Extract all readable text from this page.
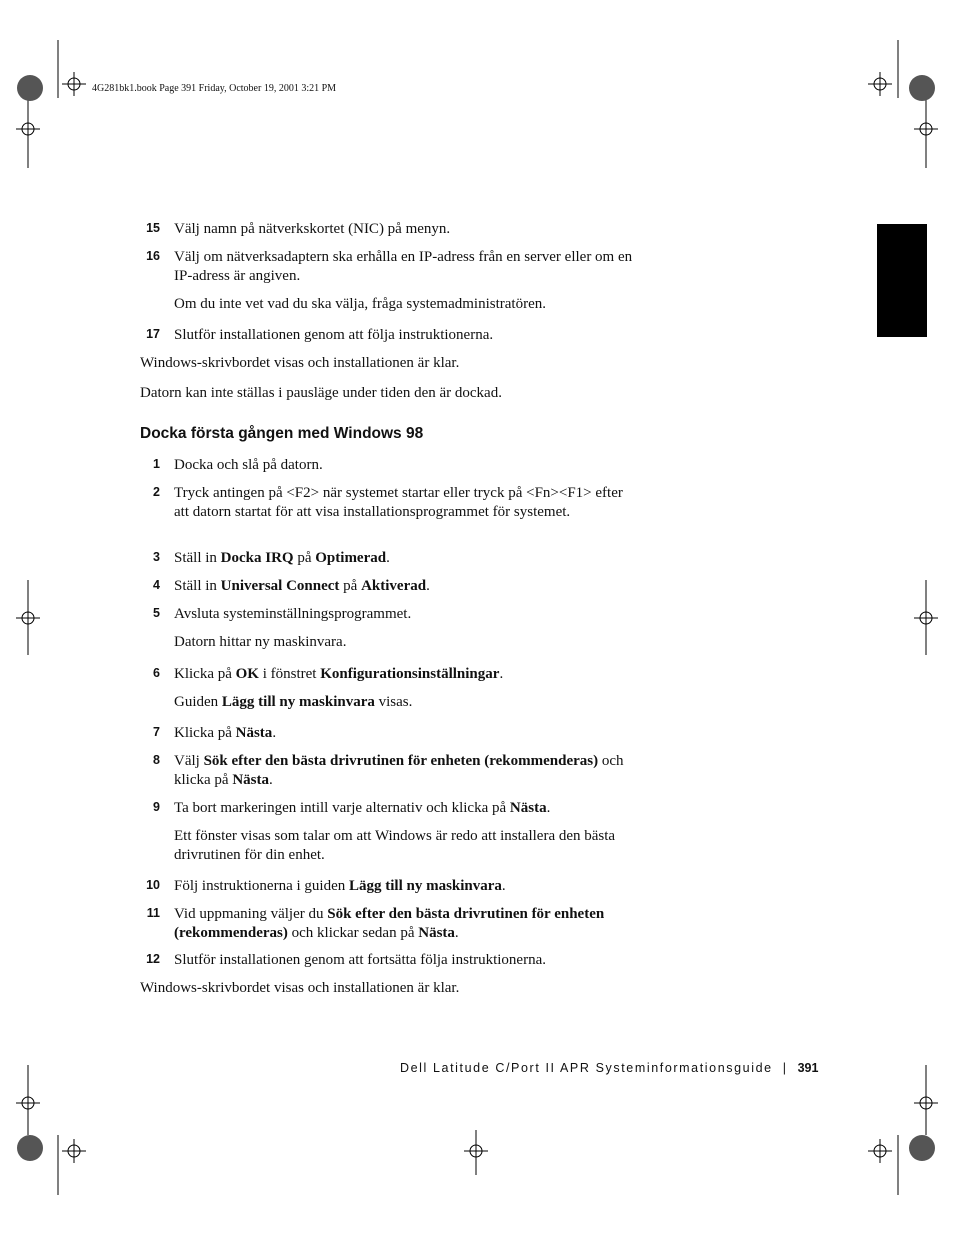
4G281bk1.book Page 391 Friday, October 19, 2001 3:21 PM
15 Välj namn på nätverkskortet (NIC) på menyn.
16 Välj om nätverksadaptern ska erhålla en IP-adress från en server eller om en IP-adress är angiven.
Om du inte vet vad du ska välja, fråga systemadministratören.
17 Slutför installationen genom att följa instruktionerna.
Windows-skrivbordet visas och installationen är klar.
Datorn kan inte ställas i pausläge under tiden den är dockad.
Docka första gången med Windows 98
1 Docka och slå på datorn.
2 Tryck antingen på <F2> när systemet startar eller tryck på <Fn><F1> efter att datorn startat för att visa installationsprogrammet för systemet.
3 Ställ in Docka IRQ på Optimerad.
4 Ställ in Universal Connect på Aktiverad.
5 Avsluta systeminställningsprogrammet.
Datorn hittar ny maskinvara.
6 Klicka på OK i fönstret Konfigurationsinställningar.
Guiden Lägg till ny maskinvara visas.
7 Klicka på Nästa.
8 Välj Sök efter den bästa drivrutinen för enheten (rekommenderas) och klicka på Nästa.
9 Ta bort markeringen intill varje alternativ och klicka på Nästa.
Ett fönster visas som talar om att Windows är redo att installera den bästa drivrutinen för din enhet.
10 Följ instruktionerna i guiden Lägg till ny maskinvara.
11 Vid uppmaning väljer du Sök efter den bästa drivrutinen för enheten (rekommenderas) och klickar sedan på Nästa.
12 Slutför installationen genom att fortsätta följa instruktionerna.
Windows-skrivbordet visas och installationen är klar.
Dell Latitude C/Port II APR Systeminformationsguide | 391
